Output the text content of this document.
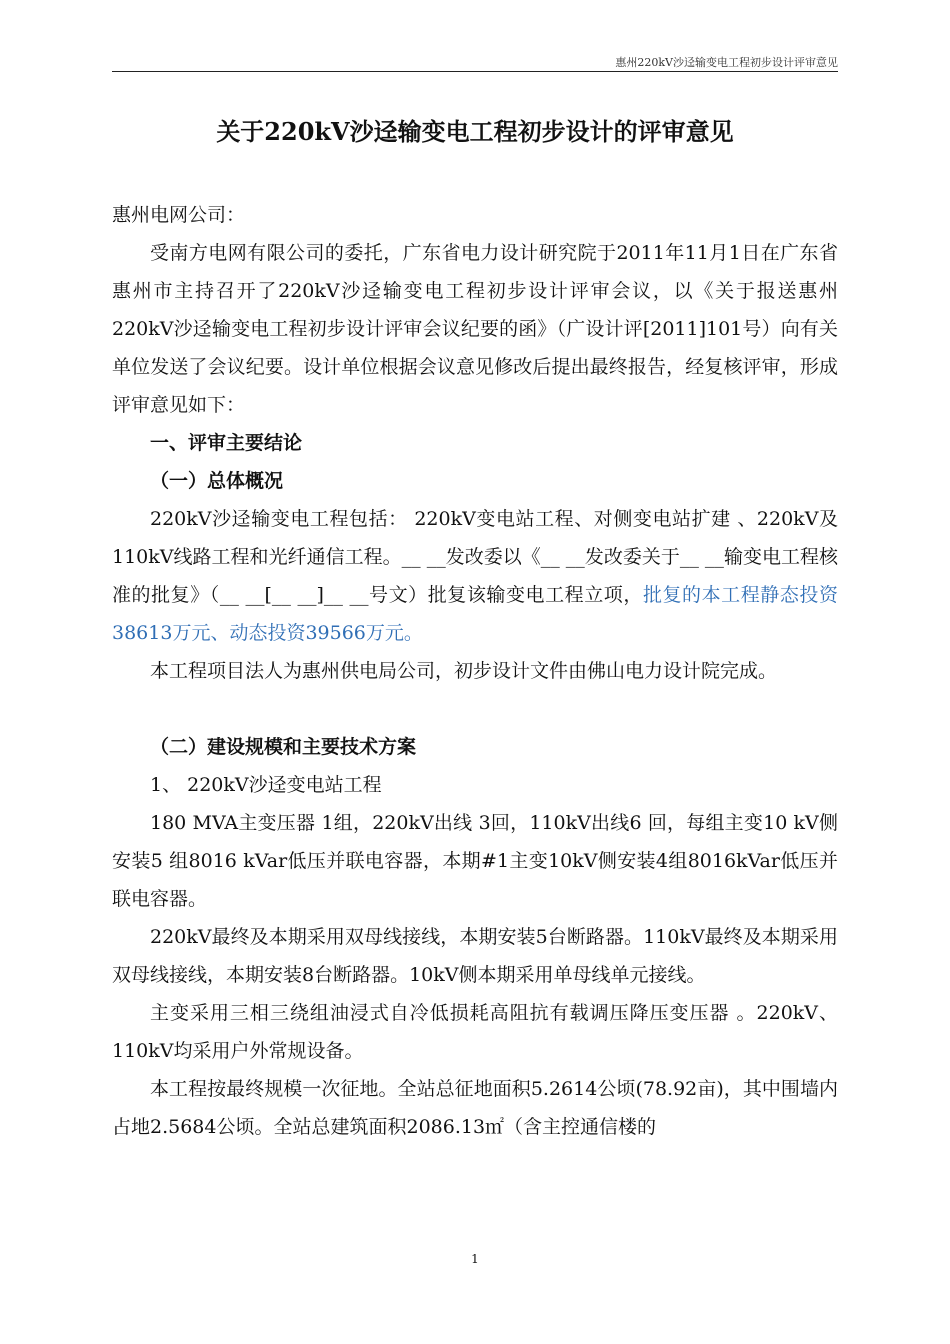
惠州220kV沙迳输变电工程初步设计评审意见
关于220kV沙迳输变电工程初步设计的评审意见

惠州电网公司：

受南方电网有限公司的委托，广东省电力设计研究院于2011年11月1日在广东省惠州市主持召开了220kV沙迳输变电工程初步设计评审会议，以《关于报送惠州220kV沙迳输变电工程初步设计评审会议纪要的函》（广设计评[2011]101号）向有关单位发送了会议纪要。设计单位根据会议意见修改后提出最终报告，经复核评审，形成评审意见如下：

一、评审主要结论

（一）总体概况

220kV沙迳输变电工程包括： 220kV变电站工程、对侧变电站扩建 、220kV及110kV线路工程和光纤通信工程。__ __发改委以《__ __发改委关于__ __输变电工程核准的批复》（__ __[__ __]__ __号文）批复该输变电工程立项，批复的本工程静态投资38613万元、动态投资39566万元。

本工程项目法人为惠州供电局公司，初步设计文件由佛山电力设计院完成。

（二）建设规模和主要技术方案

1、 220kV沙迳变电站工程

180 MVA主变压器 1组，220kV出线 3回，110kV出线6 回，每组主变10 kV侧安装5 组8016 kVar低压并联电容器，本期#1主变10kV侧安装4组8016kVar低压并联电容器。

220kV最终及本期采用双母线接线，本期安装5台断路器。110kV最终及本期采用双母线接线，本期安装8台断路器。10kV侧本期采用单母线单元接线。

主变采用三相三绕组油浸式自冷低损耗高阻抗有载调压降压变压器 。220kV、110kV均采用户外常规设备。

本工程按最终规模一次征地。全站总征地面积5.2614公顷(78.92亩)，其中围墙内占地2.5684公顷。全站总建筑面积2086.13㎡（含主控通信楼的

1
